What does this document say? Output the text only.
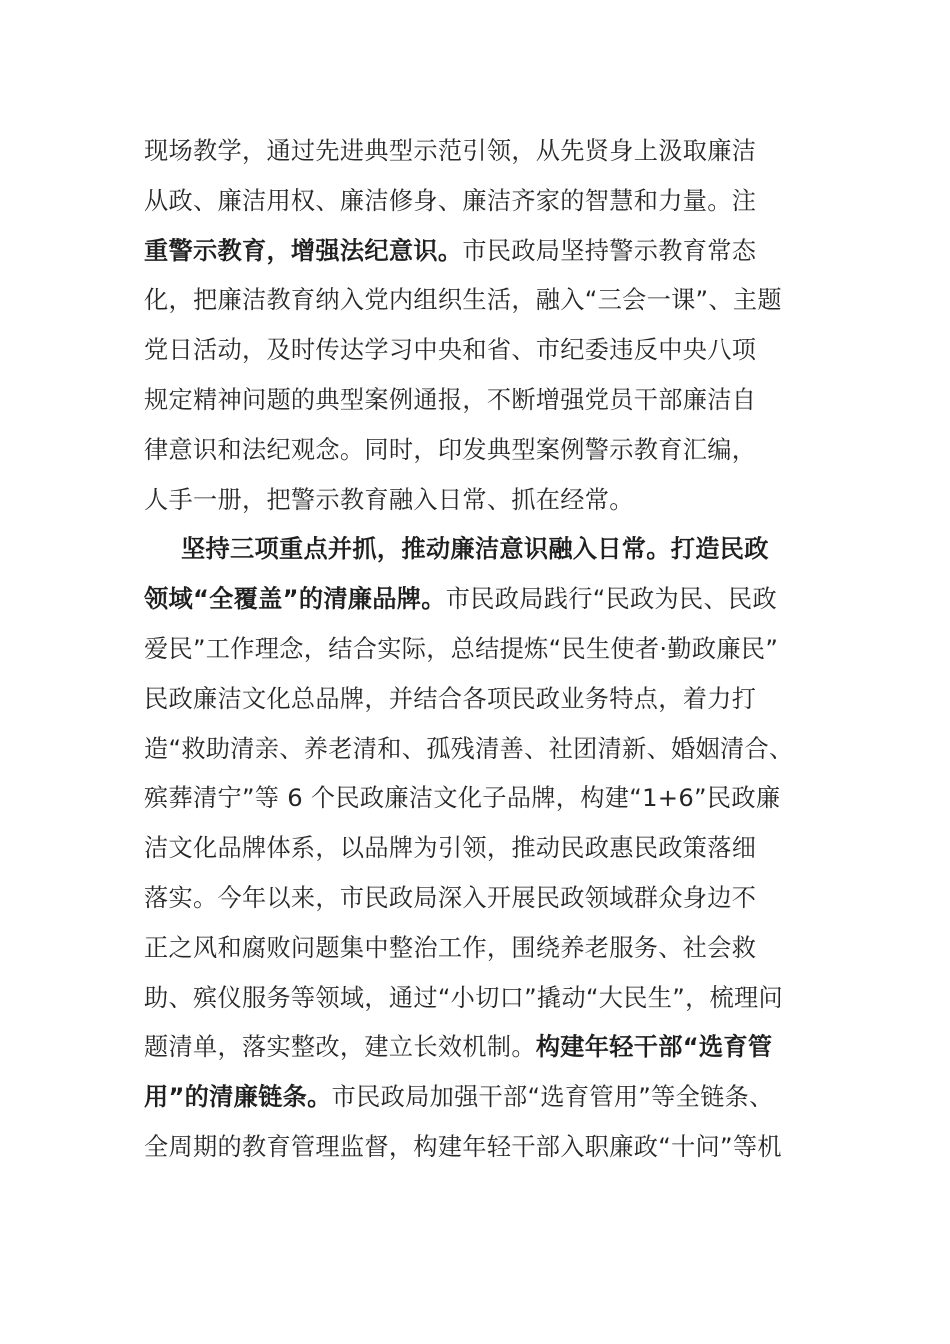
现场教学，通过先进典型示范引领，从先贤身上汲取廉洁
从政、廉洁用权、廉洁修身、廉洁齐家的智慧和力量。注
重警示教育，增强法纪意识。市民政局坚持警示教育常态
化，把廉洁教育纳入党内组织生活，融入“三会一课”、主题
党日活动，及时传达学习中央和省、市纪委违反中央八项
规定精神问题的典型案例通报，不断增强党员干部廉洁自
律意识和法纪观念。同时，印发典型案例警示教育汇编，
人手一册，把警示教育融入日常、抓在经常。
坚持三项重点并抓，推动廉洁意识融入日常。打造民政
领域“全覆盖”的清廉品牌。市民政局践行“民政为民、民政
爱民”工作理念，结合实际，总结提炼“民生使者·勤政廉民”
民政廉洁文化总品牌，并结合各项民政业务特点，着力打
造“救助清亲、养老清和、孤残清善、社团清新、婚姻清合、
殡葬清宁”等 6 个民政廉洁文化子品牌，构建“1+6”民政廉
洁文化品牌体系，以品牌为引领，推动民政惠民政策落细
落实。今年以来，市民政局深入开展民政领域群众身边不
正之风和腐败问题集中整治工作，围绕养老服务、社会救
助、殡仪服务等领域，通过“小切口”撬动“大民生”，梳理问
题清单，落实整改，建立长效机制。构建年轻干部“选育管
用”的清廉链条。市民政局加强干部“选育管用”等全链条、
全周期的教育管理监督，构建年轻干部入职廉政“十问”等机
